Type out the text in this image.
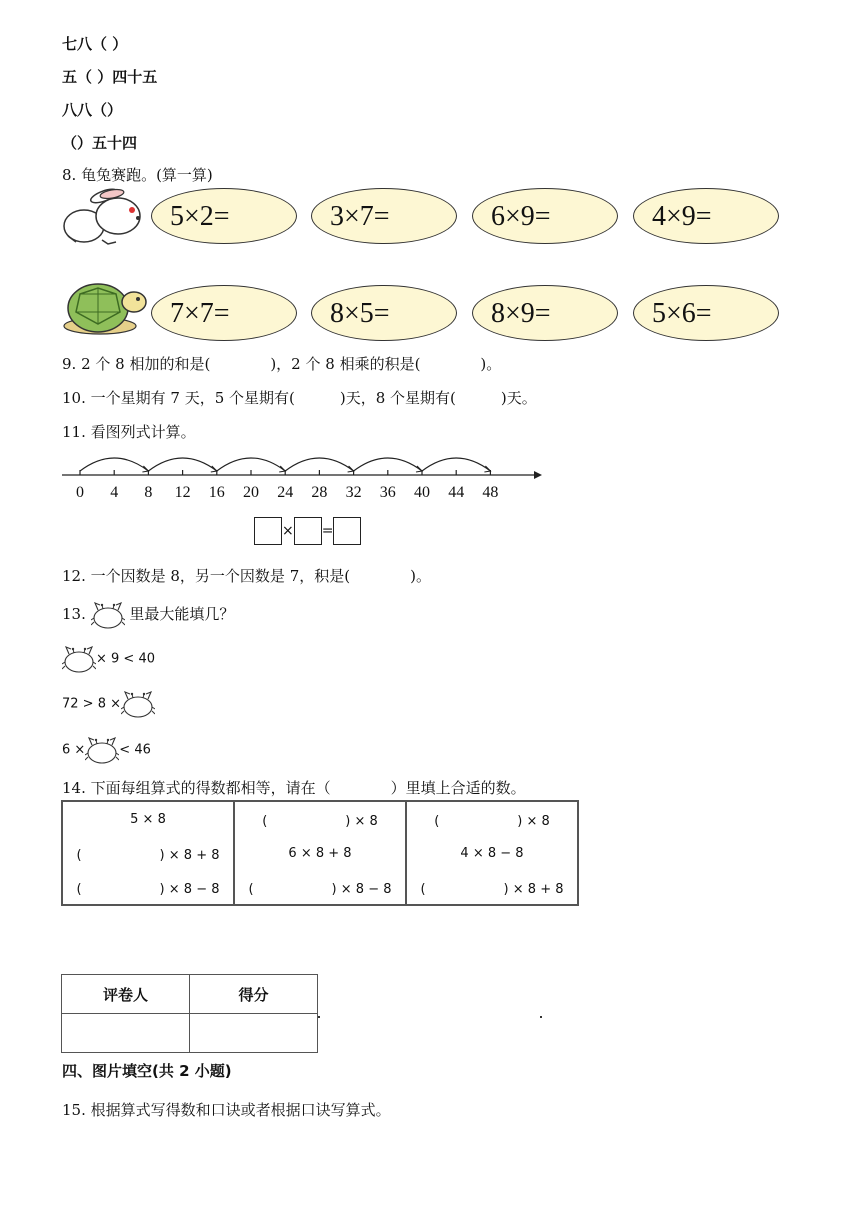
七八（ ）
五（ ）四十五
八八（）
（）五十四
8. 龟兔赛跑。(算一算)
5×2=	3×7=	6×9=	4×9=
7×7=	8×5=	8×9=	5×6=
9. 2 个 8 相加的和是(　　　　)，2 个 8 相乘的积是(　　　　)。
10. 一个星期有 7 天，5 个星期有(　　　)天，8 个星期有(　　　)天。
11. 看图列式计算。
0 4 8 12 16 20 24 28 32 36 40 44 48
× =
12. 一个因数是 8，另一个因数是 7，积是(　　　　)。
13.	里最大能填几？
× 9 < 40
72 > 8 ×
6 ×	< 46
14. 下面每组算式的得数都相等，请在（　　　　）里填上合适的数。
5 × 8	(　　　　　　) × 8	(　　　　　　) × 8
(　　　　　　) × 8 + 8	6 × 8 + 8	4 × 8 − 8
(　　　　　　) × 8 − 8	(　　　　　　) × 8 − 8	(　　　　　　) × 8 + 8
评卷人	得分

四、图片填空(共 2 小题)
15. 根据算式写得数和口诀或者根据口诀写算式。
